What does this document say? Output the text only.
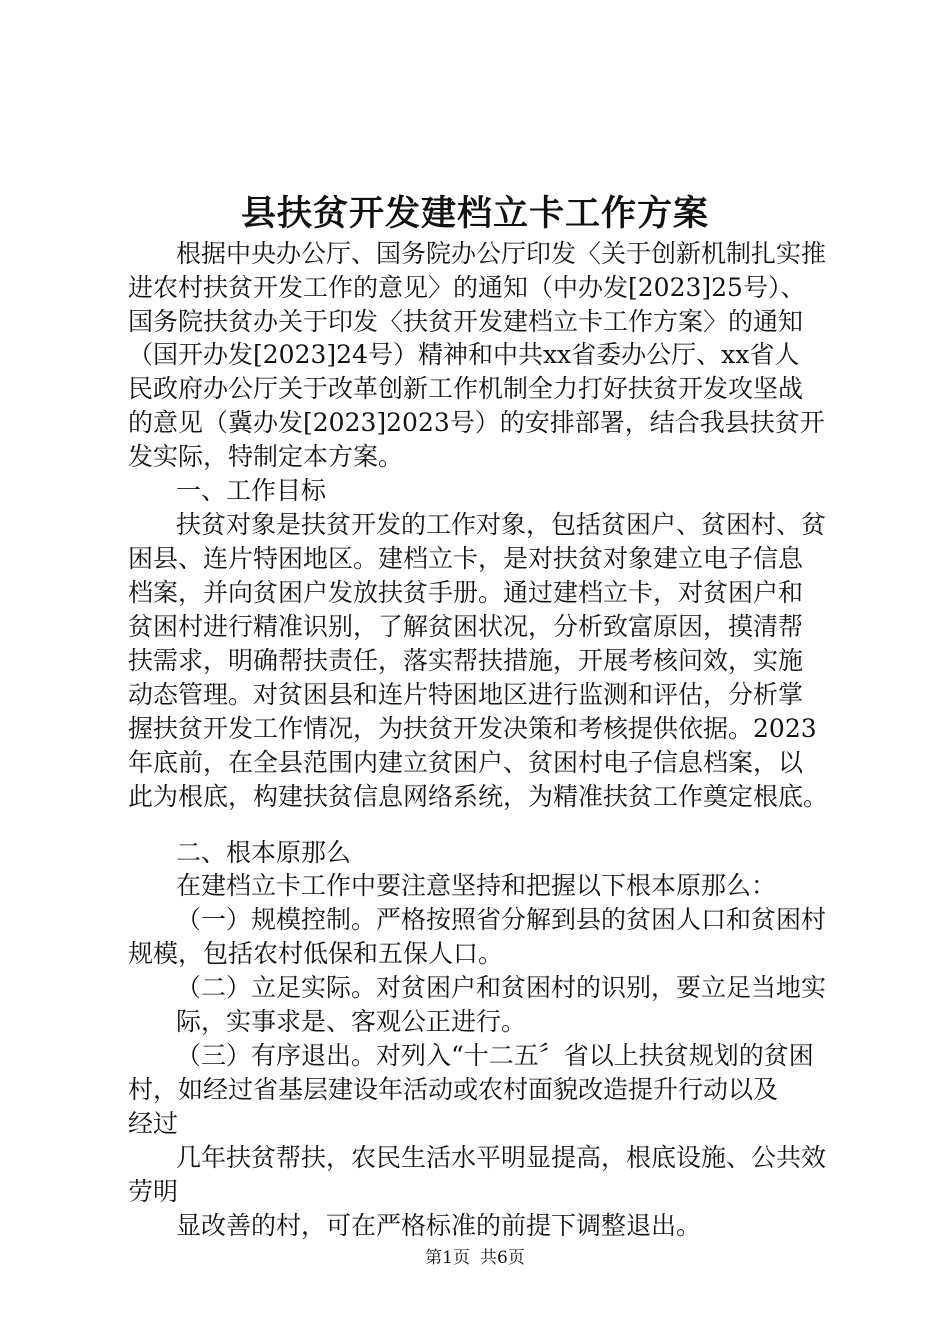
县扶贫开发建档立卡工作方案
根据中央办公厅、国务院办公厅印发〈关于创新机制扎实推
进农村扶贫开发工作的意见〉的通知（中办发[2023]25号）、
国务院扶贫办关于印发〈扶贫开发建档立卡工作方案〉的通知
（国开办发[2023]24号）精神和中共xx省委办公厅、xx省人
民政府办公厅关于改革创新工作机制全力打好扶贫开发攻坚战
的意见（冀办发[2023]2023号）的安排部署，结合我县扶贫开
发实际，特制定本方案。
一、工作目标
扶贫对象是扶贫开发的工作对象，包括贫困户、贫困村、贫
困县、连片特困地区。建档立卡，是对扶贫对象建立电子信息
档案，并向贫困户发放扶贫手册。通过建档立卡，对贫困户和
贫困村进行精准识别，了解贫困状况，分析致富原因，摸清帮
扶需求，明确帮扶责任，落实帮扶措施，开展考核问效，实施
动态管理。对贫困县和连片特困地区进行监测和评估，分析掌
握扶贫开发工作情况，为扶贫开发决策和考核提供依据。2023
年底前，在全县范围内建立贫困户、贫困村电子信息档案，以
此为根底，构建扶贫信息网络系统，为精准扶贫工作奠定根底。
二、根本原那么
在建档立卡工作中要注意坚持和把握以下根本原那么：
（一）规模控制。严格按照省分解到县的贫困人口和贫困村
规模，包括农村低保和五保人口。
（二）立足实际。对贫困户和贫困村的识别，要立足当地实
际，实事求是、客观公正进行。
（三）有序退出。对列入“十二五〞省以上扶贫规划的贫困
村，如经过省基层建设年活动或农村面貌改造提升行动以及
经过
几年扶贫帮扶，农民生活水平明显提高，根底设施、公共效
劳明
显改善的村，可在严格标准的前提下调整退出。
第1页 共6页
